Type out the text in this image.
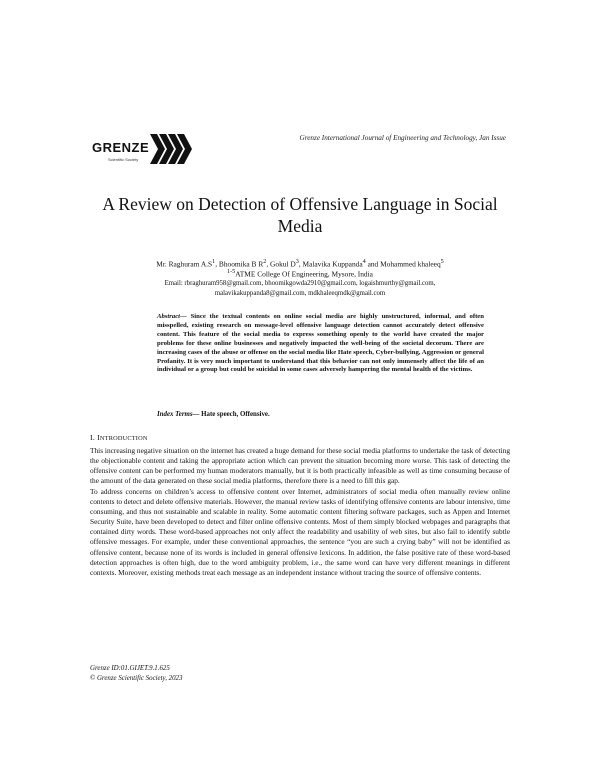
GRENZE
Scientific Society
Grenze International Journal of Engineering and Technology, Jan Issue
A Review on Detection of Offensive Language in Social Media
Mr. Raghuram $A.S^1$, Bhoomika B $R^2$, Gokul $D^3$, Malavika Kuppanda$^4$ and Mohammed khaleeq$^5$
$^{1-5}$ATME College Of Engineering, Mysore, India
Email: rbraghuram958@gmail.com, bhoomikgowda2910@gmail.com, logaishmurthy@gmail.com,
malavikakuppanda8@gmail.com, mdkhaleeqmdk@gmail.com
Abstract— Since the textual contents on online social media are highly unstructured, informal, and often misspelled, existing research on message-level offensive language detection cannot accurately detect offensive content. This feature of the social media to express something openly to the world have created the major problems for these online businesses and negatively impacted the well-being of the societal decorum. There are increasing cases of the abuse or offense on the social media like Hate speech, Cyber-bullying, Aggression or general Profanity. It is very much important to understand that this behavior can not only immensely affect the life of an individual or a group but could be suicidal in some cases adversely hampering the mental health of the victims.
Index Terms— Hate speech, Offensive.
I. INTRODUCTION

This increasing negative situation on the internet has created a huge demand for these social media platforms to undertake the task of detecting the objectionable content and taking the appropriate action which can prevent the situation becoming more worse. This task of detecting the offensive content can be performed my human moderators manually, but it is both practically infeasible as well as time consuming because of the amount of the data generated on these social media platforms, therefore there is a need to fill this gap.

To address concerns on children’s access to offensive content over Internet, administrators of social media often manually review online contents to detect and delete offensive materials. However, the manual review tasks of identifying offensive contents are labour intensive, time consuming, and thus not sustainable and scalable in reality. Some automatic content filtering software packages, such as Appen and Internet Security Suite, have been developed to detect and filter online offensive contents. Most of them simply blocked webpages and paragraphs that contained dirty words. These word-based approaches not only affect the readability and usability of web sites, but also fail to identify subtle offensive messages. For example, under these conventional approaches, the sentence “you are such a crying baby” will not be identified as offensive content, because none of its words is included in general offensive lexicons. In addition, the false positive rate of these word-based detection approaches is often high, due to the word ambiguity problem, i.e., the same word can have very different meanings in different contexts. Moreover, existing methods treat each message as an independent instance without tracing the source of offensive contents.

Grenze ID:01.GIJET.9.1.625
© Grenze Scientific Society, 2023
